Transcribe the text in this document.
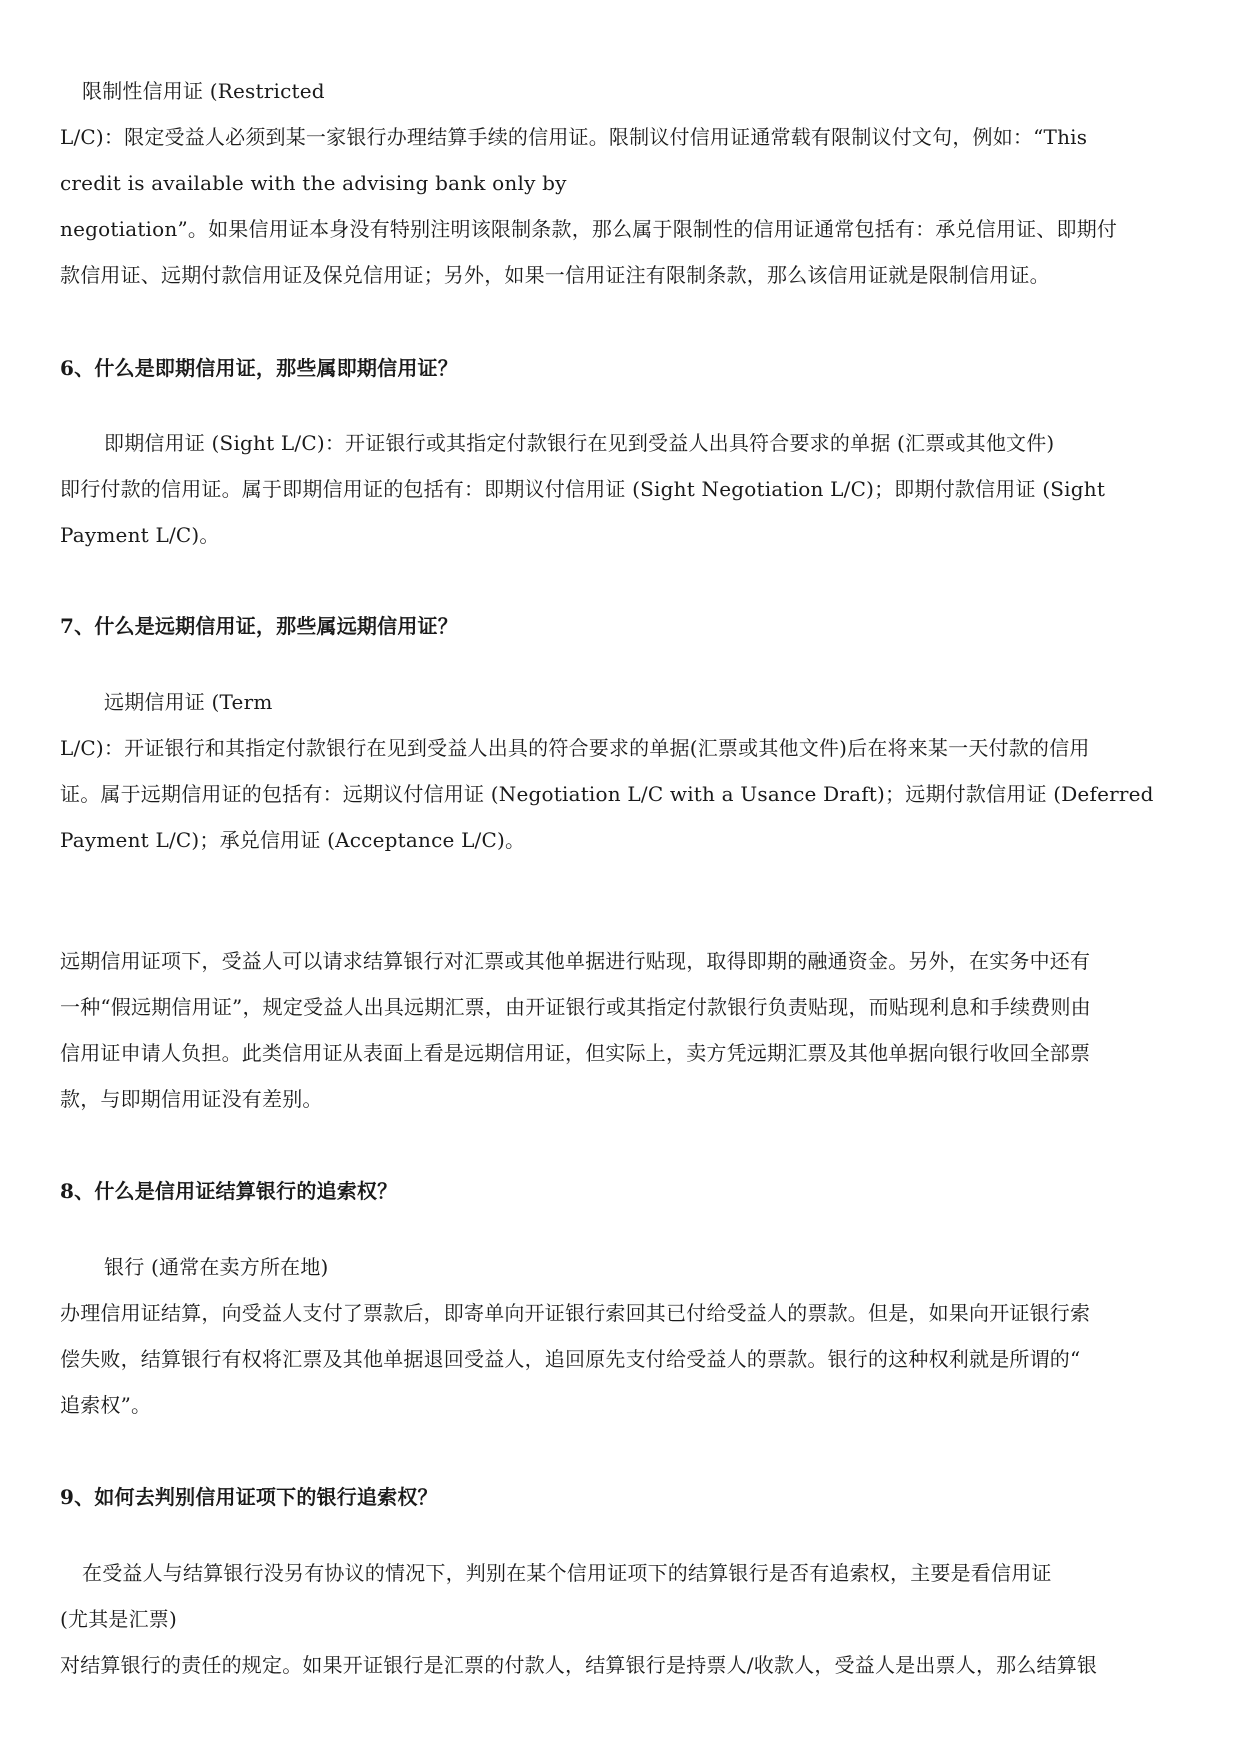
限制性信用证 (Restricted
L/C)：限定受益人必须到某一家银行办理结算手续的信用证。限制议付信用证通常载有限制议付文句，例如：“This
credit is available with the advising bank only by
negotiation”。如果信用证本身没有特别注明该限制条款，那么属于限制性的信用证通常包括有：承兑信用证、即期付
款信用证、远期付款信用证及保兑信用证；另外，如果一信用证注有限制条款，那么该信用证就是限制信用证。
6、什么是即期信用证，那些属即期信用证？
即期信用证 (Sight L/C)：开证银行或其指定付款银行在见到受益人出具符合要求的单据 (汇票或其他文件)
即行付款的信用证。属于即期信用证的包括有：即期议付信用证 (Sight Negotiation L/C)；即期付款信用证 (Sight
Payment L/C)。
7、什么是远期信用证，那些属远期信用证？
远期信用证 (Term
L/C)：开证银行和其指定付款银行在见到受益人出具的符合要求的单据(汇票或其他文件)后在将来某一天付款的信用
证。属于远期信用证的包括有：远期议付信用证 (Negotiation L/C with a Usance Draft)；远期付款信用证 (Deferred
Payment L/C)；承兑信用证 (Acceptance L/C)。
远期信用证项下，受益人可以请求结算银行对汇票或其他单据进行贴现，取得即期的融通资金。另外，在实务中还有
一种“假远期信用证”，规定受益人出具远期汇票，由开证银行或其指定付款银行负责贴现，而贴现利息和手续费则由
信用证申请人负担。此类信用证从表面上看是远期信用证，但实际上，卖方凭远期汇票及其他单据向银行收回全部票
款，与即期信用证没有差别。
8、什么是信用证结算银行的追索权？
银行 (通常在卖方所在地)
办理信用证结算，向受益人支付了票款后，即寄单向开证银行索回其已付给受益人的票款。但是，如果向开证银行索
偿失败，结算银行有权将汇票及其他单据退回受益人，追回原先支付给受益人的票款。银行的这种权利就是所谓的“
追索权”。
9、如何去判别信用证项下的银行追索权？
在受益人与结算银行没另有协议的情况下，判别在某个信用证项下的结算银行是否有追索权，主要是看信用证
(尤其是汇票)
对结算银行的责任的规定。如果开证银行是汇票的付款人，结算银行是持票人/收款人，受益人是出票人，那么结算银
